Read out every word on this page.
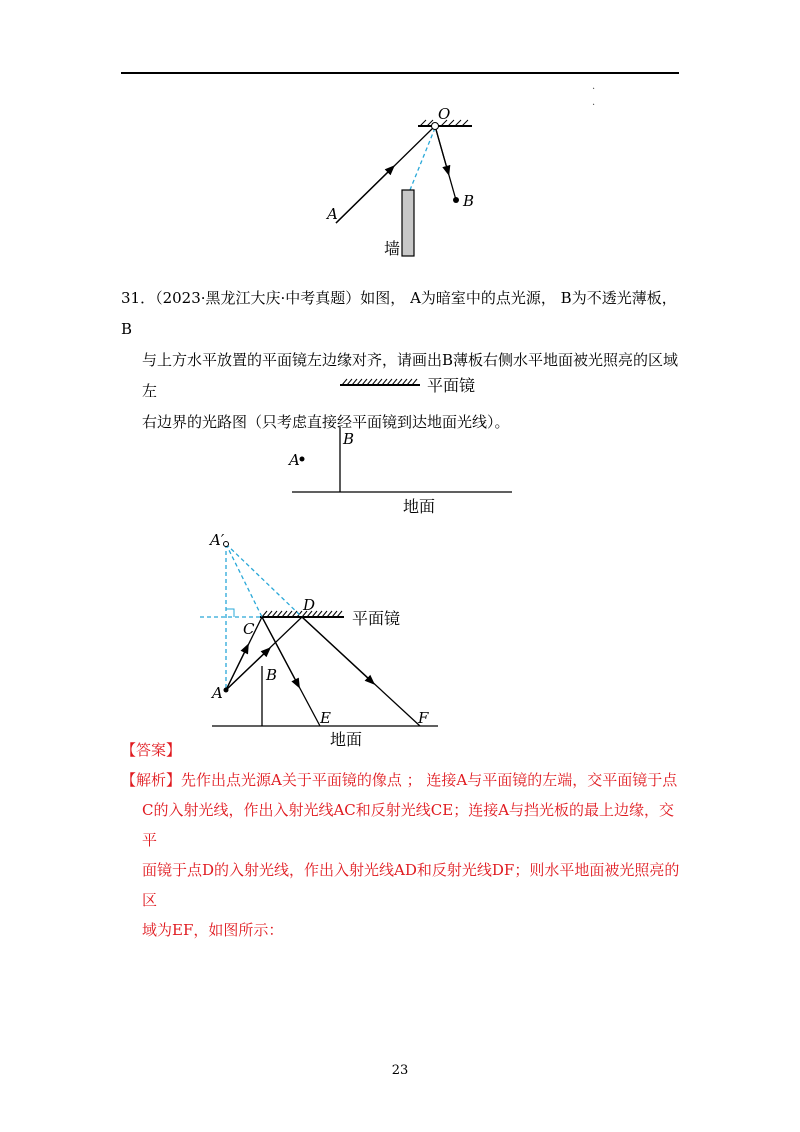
·
·
O
A
B
墙
平面镜
B
A
地面
平面镜
A′
B
A
D
C
E	F
地面

31．（2023·黑龙江大庆·中考真题）如图， A为暗室中的点光源， B为不透光薄板， B

与上方水平放置的平面镜左边缘对齐，请画出B薄板右侧水平地面被光照亮的区域左

右边界的光路图（只考虑直接经平面镜到达地面光线）。

【答案】

【解析】先作出点光源A关于平面镜的像点 ； 连接A与平面镜的左端，交平面镜于点

C的入射光线，作出入射光线AC和反射光线CE；连接A与挡光板的最上边缘，交平

面镜于点D的入射光线，作出入射光线AD和反射光线DF；则水平地面被光照亮的区

域为EF，如图所示：

23
